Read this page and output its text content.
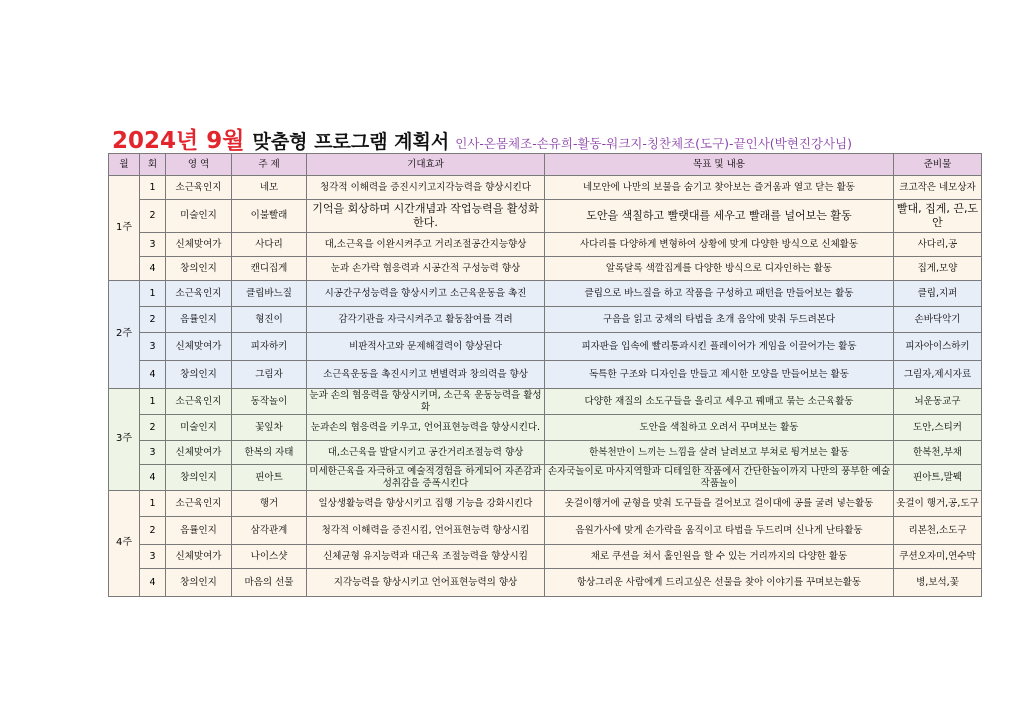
2024년 9월 맞춤형 프로그램 계획서 인사-온몸체조-손유희-활동-워크지-칭찬체조(도구)-끝인사(박현진강사님)
월	회	영 역	주 제	기대효과	목표 및 내용	준비물
1주	1	소근육인지	네모	청각적 이해력을 증진시키고지각능력을 향상시킨다	네모안에 나만의 보물을 숨기고 찾아보는 즐거움과 열고 닫는 활동	크고작은 네모상자
	2	미술인지	이불빨래	기억을 회상하며 시간개념과 작업능력을 활성화한다.	도안을 색칠하고 빨랫대를 세우고 빨래를 널어보는 활동	빨대, 집게, 끈,도안
	3	신체맞여가	사다리	대,소근육을 이완시켜주고 거리조절공간지능향상	사다리를 다양하게 변형하여 상황에 맞게 다양한 방식으로 신체활동	사다리,공
	4	창의인지	캔디집게	눈과 손가락 협응력과 시공간적 구성능력 향상	알록달록 색깔집게를 다양한 방식으로 디자인하는 활동	집게,모양
2주	1	소근육인지	클립바느질	시공간구성능력을 향상시키고 소근육운동을 촉진	클립으로 바느질을 하고 작품을 구성하고 패턴을 만들어보는 활동	클립,지퍼
	2	음률인지	형진이	감각기관을 자극시켜주고 활동참여를 격려	구음을 읽고 궁채의 타법을 초개 음악에 맞춰 두드려본다	손바닥악기
	3	신체맞여가	피자하키	비판적사고와 문제해결력이 향상된다	피자판을 입속에 빨리통과시킨 플레이어가 게임을 이끌어가는 활동	피자아이스하키
	4	창의인지	그림자	소근육운동을 촉진시키고 변별력과 창의력을 향상	독특한 구조와 디자인을 만들고 제시한 모양을 만들어보는 활동	그림자,제시자료
3주	1	소근육인지	동작놀이	눈과 손의 협응력을 향상시키며, 소근육 운동능력을 활성화	다양한 재질의 소도구들을 올리고 세우고 꿰매고 묶는 소근육활동	뇌운동교구
	2	미술인지	꽃잎차	눈과손의 협응력을 키우고, 언어표현능력을 향상시킨다.	도안을 색칠하고 오려서 꾸며보는 활동	도안,스티커
	3	신체맞여가	한복의 자태	대,소근육을 발달시키고 공간거리조절능력 향상	한복천만이 느끼는 느낌을 살려 날려보고 부쳐로 튕겨보는 활동	한복천,부채
	4	창의인지	핀아트	미세한근육을 자극하고 예술적경험을 하게되어 자존감과 성취감을 증폭시킨다	손자국놀이로 마사지역할과 디테일한 작품에서 간단한놀이까지 나만의 풍부한 예술작품놀이	핀아트,말뭭
4주	1	소근육인지	행거	일상생활능력을 향상시키고 집행 기능을 강화시킨다	옷걸이행거에 균형을 맞춰 도구들을 걸어보고 걸이대에 공를 굴려 넣는활동	옷걸이 행거,공,도구
	2	음률인지	삼각관계	청각적 이해력을 증진시킴, 언어표현능력 향상시킴	음원가사에 맞게 손가락을 움직이고 타법을 두드리며 신나게 난타활동	리본천,소도구
	3	신체맞여가	나이스샷	신체균형 유지능력과 대근육 조절능력을 향상시킴	채로 쿠션을 쳐서 홀인원을 할 수 있는 거리까지의 다양한 활동	쿠션오자미,연수막
	4	창의인지	마음의 선물	지각능력을 향상시키고 언어표현능력의 향상	항상그리운 사람에게 드리고싶은 선물을 찾아 이야기를 꾸며보는활동	병,보석,꽃
